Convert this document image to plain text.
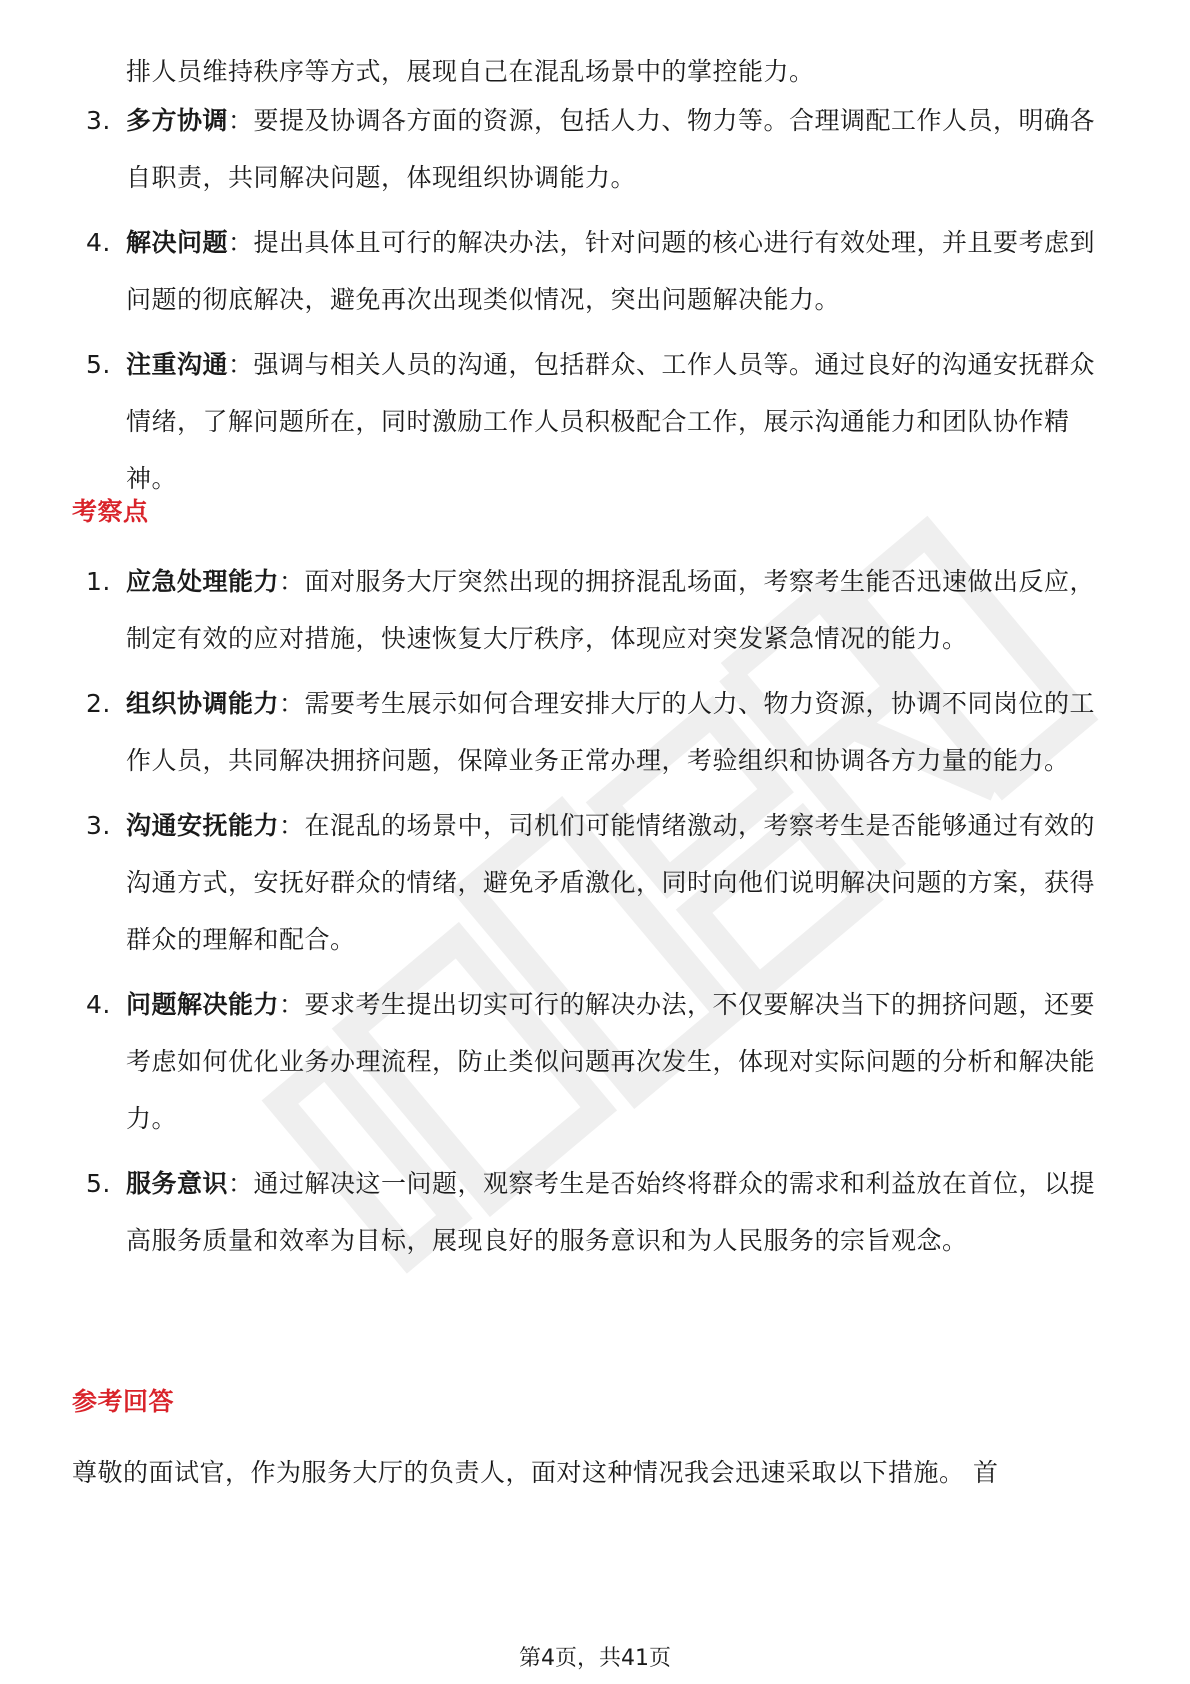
排人员维持秩序等方式，展现自己在混乱场景中的掌控能力。
3. 多方协调：要提及协调各方面的资源，包括人力、物力等。合理调配工作人员，明确各自职责，共同解决问题，体现组织协调能力。
4. 解决问题：提出具体且可行的解决办法，针对问题的核心进行有效处理，并且要考虑到问题的彻底解决，避免再次出现类似情况，突出问题解决能力。
5. 注重沟通：强调与相关人员的沟通，包括群众、工作人员等。通过良好的沟通安抚群众情绪，了解问题所在，同时激励工作人员积极配合工作，展示沟通能力和团队协作精神。
考察点
1. 应急处理能力：面对服务大厅突然出现的拥挤混乱场面，考察考生能否迅速做出反应，制定有效的应对措施，快速恢复大厅秩序，体现应对突发紧急情况的能力。
2. 组织协调能力：需要考生展示如何合理安排大厅的人力、物力资源，协调不同岗位的工作人员，共同解决拥挤问题，保障业务正常办理，考验组织和协调各方力量的能力。
3. 沟通安抚能力：在混乱的场景中，司机们可能情绪激动，考察考生是否能够通过有效的沟通方式，安抚好群众的情绪，避免矛盾激化，同时向他们说明解决问题的方案，获得群众的理解和配合。
4. 问题解决能力：要求考生提出切实可行的解决办法，不仅要解决当下的拥挤问题，还要考虑如何优化业务办理流程，防止类似问题再次发生，体现对实际问题的分析和解决能力。
5. 服务意识：通过解决这一问题，观察考生是否始终将群众的需求和利益放在首位，以提高服务质量和效率为目标，展现良好的服务意识和为人民服务的宗旨观念。
参考回答
尊敬的面试官，作为服务大厅的负责人，面对这种情况我会迅速采取以下措施。 首
第4页，共41页
